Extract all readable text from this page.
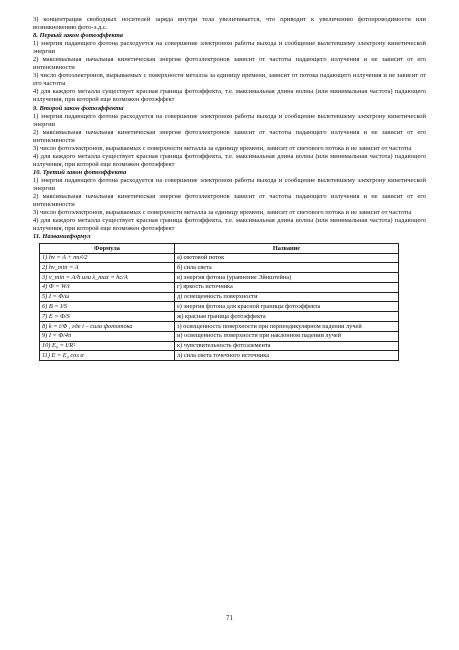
3) концентрация свободных носителей заряда внутри тела увеличивается, что приводит к увеличению фотопроводимости или возникновению фото-э.д.с.

8. Первый закон фотоэффекта

1) энергия падающего фотона расходуется на совершение электроном работы выхода и сообщение вылетевшему электрону кинетической энергии

2) максимальная начальная кинетическая энергия фотоэлектронов зависит от частоты падающего излучения и не зависит от его интенсивности

3) число фотоэлектронов, вырываемых с поверхности металла за единицу времени, зависит от потока падающего излучения и не зависит от его частоты

4) для каждого металла существует красная граница фотоэффекта, т.е. максимальная длина волны (или минимальная частота) падающего излучения, при которой еще возможен фотоэффект

9. Второй закон фотоэффекта

1) энергия падающего фотона расходуется на совершение электроном работы выхода и сообщение вылетевшему электрону кинетической энергии

2) максимальная начальная кинетическая энергия фотоэлектронов зависит от частоты падающего излучения и не зависит от его интенсивности

3) число фотоэлектронов, вырываемых с поверхности металла за единицу времени, зависит от светового потока и не зависит от частоты

4) для каждого металла существует красная граница фотоэффекта, т.е. максимальная длина волны (или минимальная частота) падающего излучения, при которой еще возможен фотоэффект

10. Третий закон фотоэффекта

1) энергия падающего фотона расходуется на совершение электроном работы выхода и сообщение вылетевшему электрону кинетической энергии

2) максимальная начальная кинетическая энергия фотоэлектронов зависит от частоты падающего излучения и не зависит от его интенсивности

3) число фотоэлектронов, вырываемых с поверхности металла за единицу времени, зависит от светового потока и не зависит от частоты

4) для каждого металла существует красная граница фотоэффекта, т.е. максимальная длина волны (или минимальная частота) падающего излучения, при которой еще возможен фотоэффект

11. Названиеформул

Формула	Название
1) hν = A + mυ²/2	а) световой поток
2) hν_min = A	б) сила света
3) ν_min = A/h или λ_max = hc/A	в) энергия фотона (уравнение Эйнштейна)
4) Φ = W/t	г) яркость источника
5) I = Φ/ω	д) освещенность поверхности
6) B = I/S	е) энергия фотона для красной границы фотоэффекта
7) E = Φ/S	ж) красная граница фотоэффекта
8) k = i/Φ , где i – сила фототока	з) освещенность поверхности при перпендикулярном падении лучей
9) I = Φ/4π	и) освещенность поверхности при наклонном падении лучей
10) E₀ = I/R²	к) чувствительность фотоэлемента
11) E = E₀ cos α	л) сила света точечного источника
71
